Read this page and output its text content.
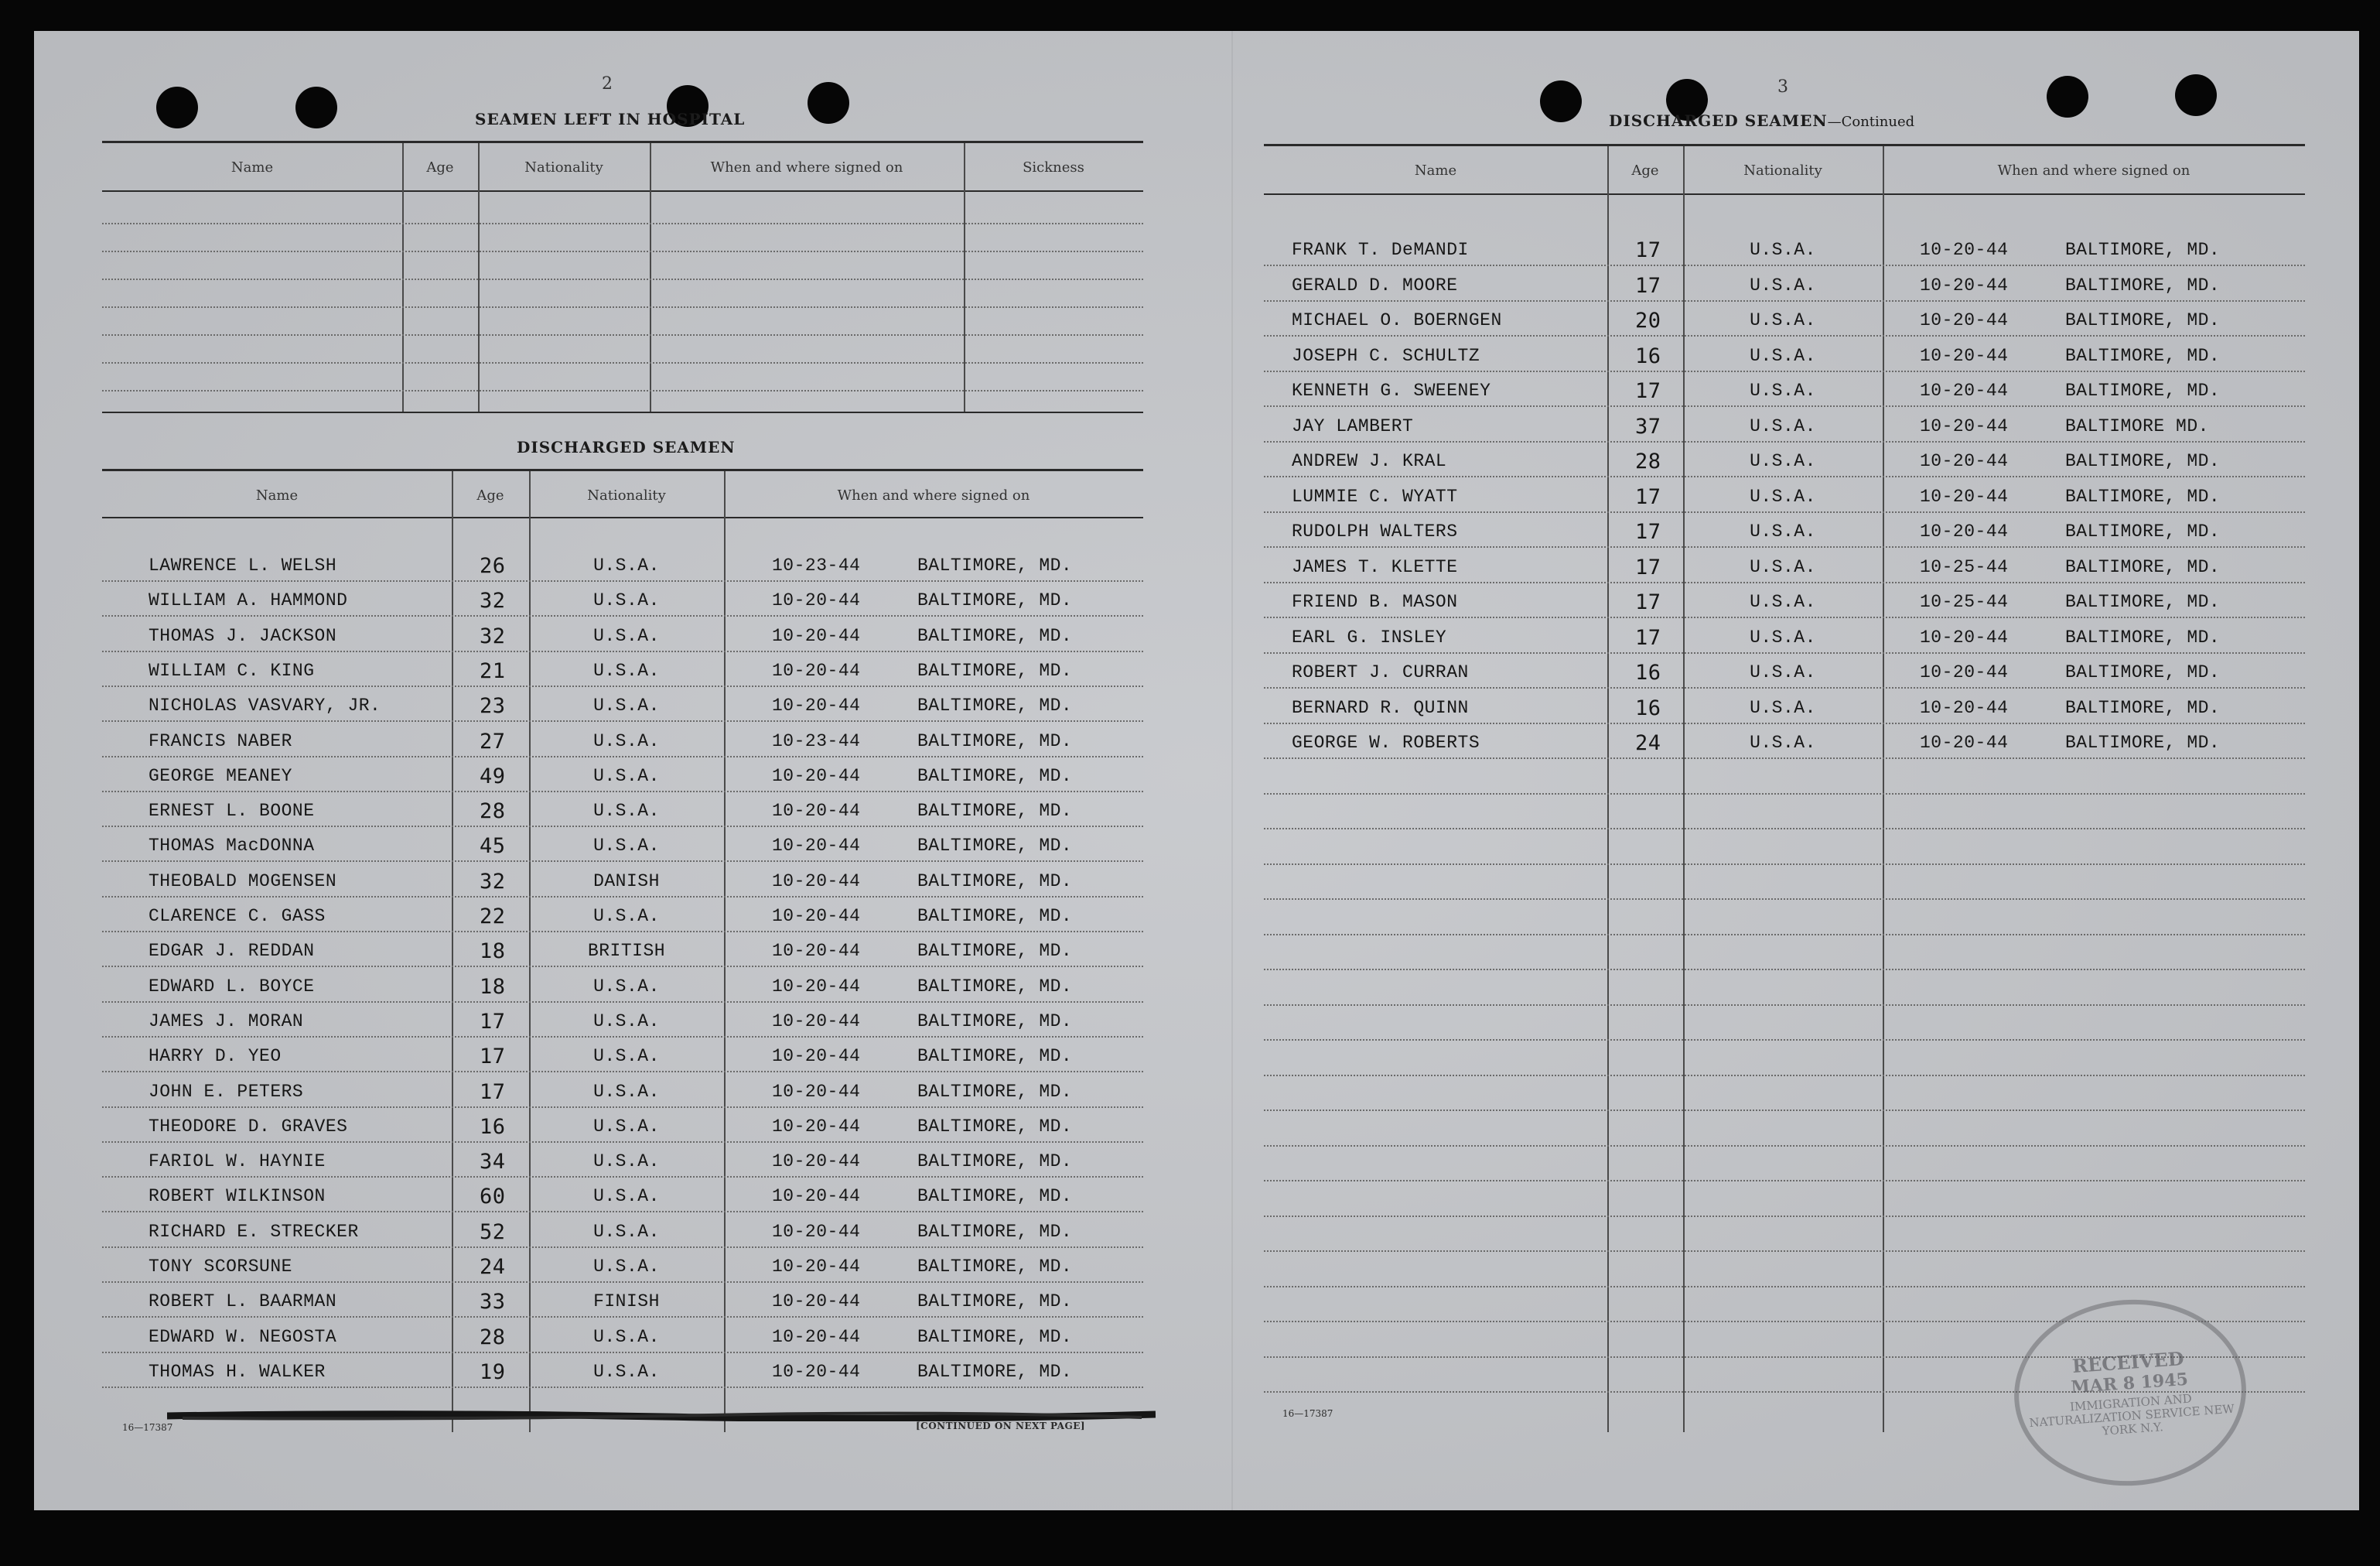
2
SEAMEN LEFT IN HOSPITAL
Name	Age	Nationality	When and where signed on	Sickness
DISCHARGED SEAMEN
Name	Age	Nationality	When and where signed on
LAWRENCE L. WELSH	26	U.S.A.	10-23-44	BALTIMORE, MD.
WILLIAM A. HAMMOND	32	U.S.A.	10-20-44	BALTIMORE, MD.
THOMAS J. JACKSON	32	U.S.A.	10-20-44	BALTIMORE, MD.
WILLIAM C. KING	21	U.S.A.	10-20-44	BALTIMORE, MD.
NICHOLAS VASVARY, JR.	23	U.S.A.	10-20-44	BALTIMORE, MD.
FRANCIS NABER	27	U.S.A.	10-23-44	BALTIMORE, MD.
GEORGE MEANEY	49	U.S.A.	10-20-44	BALTIMORE, MD.
ERNEST L. BOONE	28	U.S.A.	10-20-44	BALTIMORE, MD.
THOMAS MacDONNA	45	U.S.A.	10-20-44	BALTIMORE, MD.
THEOBALD MOGENSEN	32	DANISH	10-20-44	BALTIMORE, MD.
CLARENCE C. GASS	22	U.S.A.	10-20-44	BALTIMORE, MD.
EDGAR J. REDDAN	18	BRITISH	10-20-44	BALTIMORE, MD.
EDWARD L. BOYCE	18	U.S.A.	10-20-44	BALTIMORE, MD.
JAMES J. MORAN	17	U.S.A.	10-20-44	BALTIMORE, MD.
HARRY D. YEO	17	U.S.A.	10-20-44	BALTIMORE, MD.
JOHN E. PETERS	17	U.S.A.	10-20-44	BALTIMORE, MD.
THEODORE D. GRAVES	16	U.S.A.	10-20-44	BALTIMORE, MD.
FARIOL W. HAYNIE	34	U.S.A.	10-20-44	BALTIMORE, MD.
ROBERT WILKINSON	60	U.S.A.	10-20-44	BALTIMORE, MD.
RICHARD E. STRECKER	52	U.S.A.	10-20-44	BALTIMORE, MD.
TONY SCORSUNE	24	U.S.A.	10-20-44	BALTIMORE, MD.
ROBERT L. BAARMAN	33	FINISH	10-20-44	BALTIMORE, MD.
EDWARD W. NEGOSTA	28	U.S.A.	10-20-44	BALTIMORE, MD.
THOMAS H. WALKER	19	U.S.A.	10-20-44	BALTIMORE, MD.
16—17387	[CONTINUED ON NEXT PAGE]
3
DISCHARGED SEAMEN—Continued
Name	Age	Nationality	When and where signed on
FRANK T. DeMANDI	17	U.S.A.	10-20-44	BALTIMORE, MD.
GERALD D. MOORE	17	U.S.A.	10-20-44	BALTIMORE, MD.
MICHAEL O. BOERNGEN	20	U.S.A.	10-20-44	BALTIMORE, MD.
JOSEPH C. SCHULTZ	16	U.S.A.	10-20-44	BALTIMORE, MD.
KENNETH G. SWEENEY	17	U.S.A.	10-20-44	BALTIMORE, MD.
JAY LAMBERT	37	U.S.A.	10-20-44	BALTIMORE MD.
ANDREW J. KRAL	28	U.S.A.	10-20-44	BALTIMORE, MD.
LUMMIE C. WYATT	17	U.S.A.	10-20-44	BALTIMORE, MD.
RUDOLPH WALTERS	17	U.S.A.	10-20-44	BALTIMORE, MD.
JAMES T. KLETTE	17	U.S.A.	10-25-44	BALTIMORE, MD.
FRIEND B. MASON	17	U.S.A.	10-25-44	BALTIMORE, MD.
EARL G. INSLEY	17	U.S.A.	10-20-44	BALTIMORE, MD.
ROBERT J. CURRAN	16	U.S.A.	10-20-44	BALTIMORE, MD.
BERNARD R. QUINN	16	U.S.A.	10-20-44	BALTIMORE, MD.
GEORGE W. ROBERTS	24	U.S.A.	10-20-44	BALTIMORE, MD.
16—17387
RECEIVED
MAR 8 1945
IMMIGRATION AND NATURALIZATION SERVICE NEW YORK N.Y.
